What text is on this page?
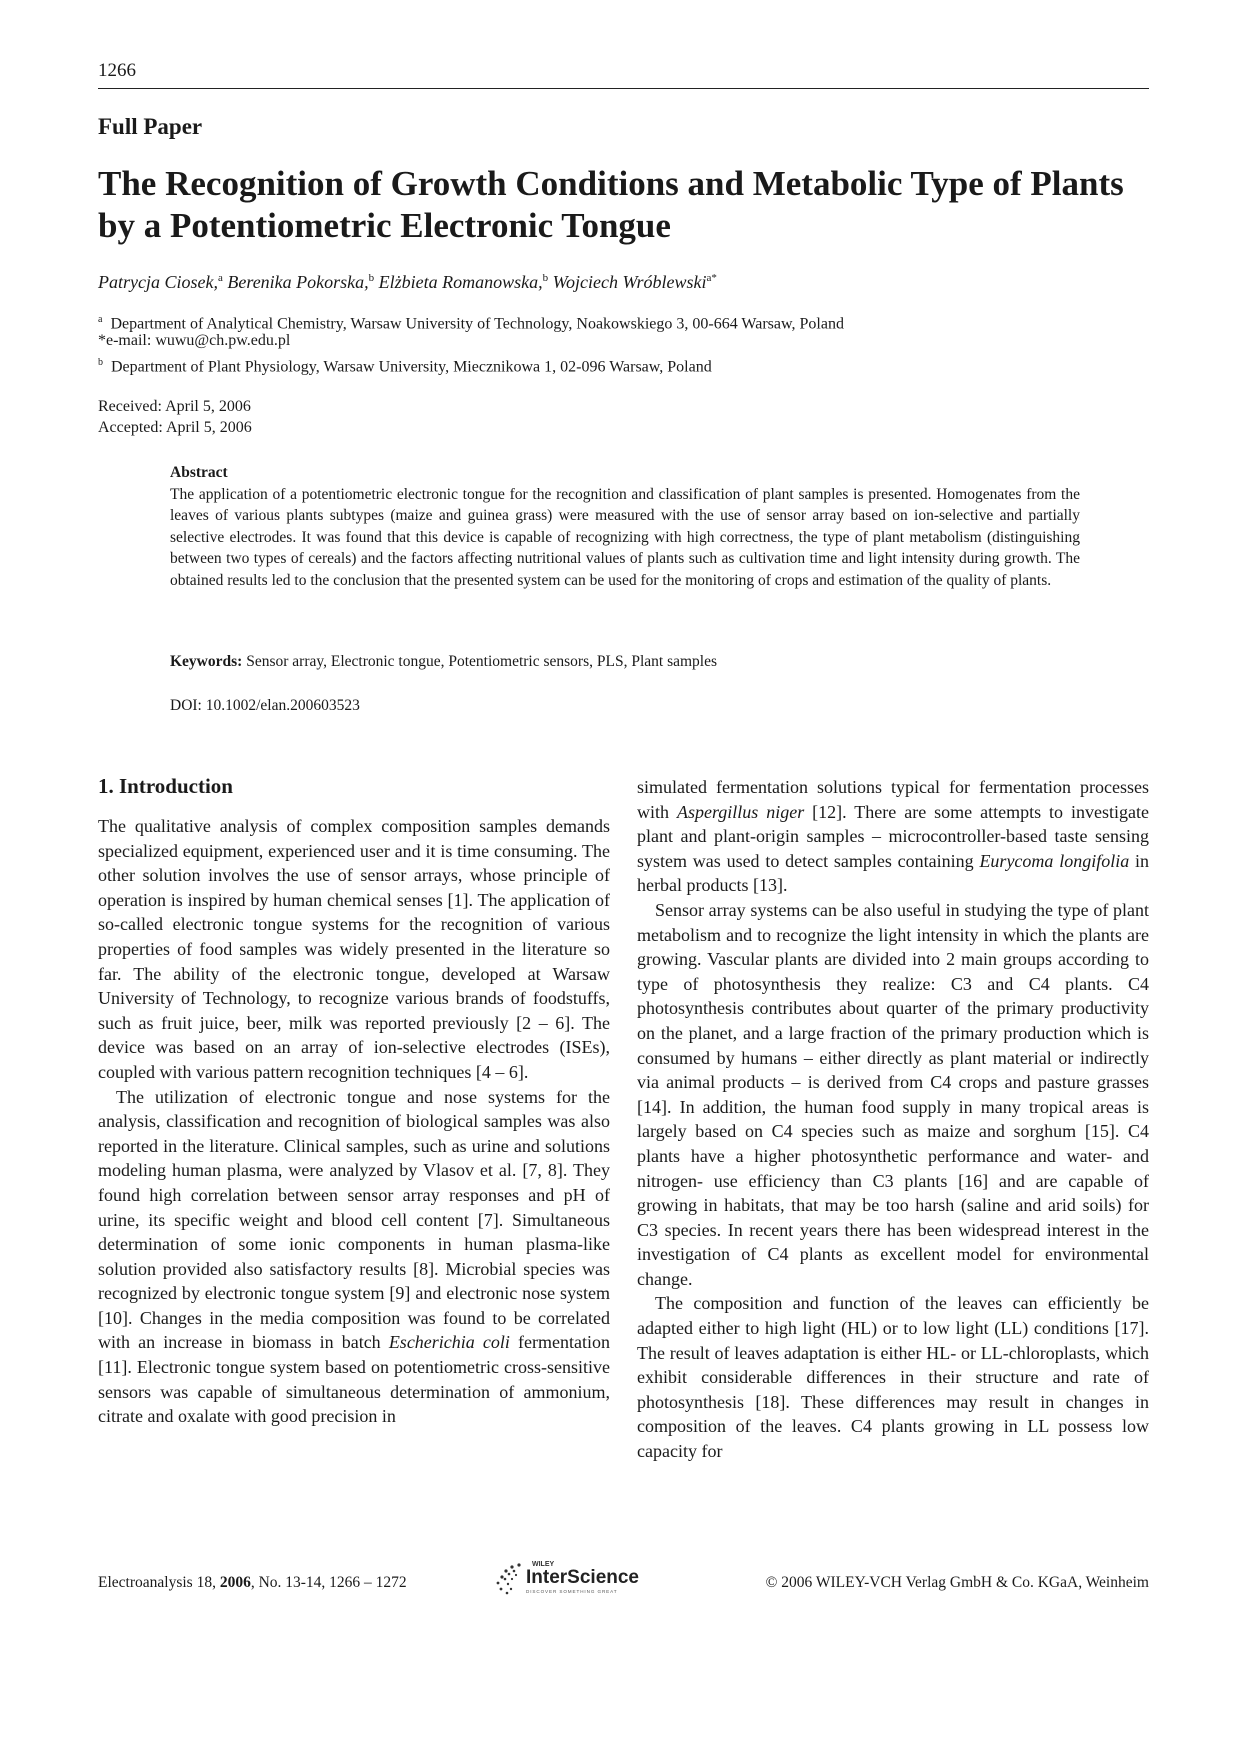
1266
Full Paper
The Recognition of Growth Conditions and Metabolic Type of Plants by a Potentiometric Electronic Tongue
Patrycja Ciosek,$^a$ Berenika Pokorska,$^b$ Elżbieta Romanowska,$^b$ Wojciech Wróblewski$^{a*}$
$^a$ Department of Analytical Chemistry, Warsaw University of Technology, Noakowskiego 3, 00-664 Warsaw, Poland
*e-mail: wuwu@ch.pw.edu.pl
$^b$ Department of Plant Physiology, Warsaw University, Miecznikowa 1, 02-096 Warsaw, Poland
Received: April 5, 2006
Accepted: April 5, 2006
Abstract

The application of a potentiometric electronic tongue for the recognition and classification of plant samples is presented. Homogenates from the leaves of various plants subtypes (maize and guinea grass) were measured with the use of sensor array based on ion-selective and partially selective electrodes. It was found that this device is capable of recognizing with high correctness, the type of plant metabolism (distinguishing between two types of cereals) and the factors affecting nutritional values of plants such as cultivation time and light intensity during growth. The obtained results led to the conclusion that the presented system can be used for the monitoring of crops and estimation of the quality of plants.

Keywords: Sensor array, Electronic tongue, Potentiometric sensors, PLS, Plant samples
DOI: 10.1002/elan.200603523
1. Introduction

The qualitative analysis of complex composition samples demands specialized equipment, experienced user and it is time consuming. The other solution involves the use of sensor arrays, whose principle of operation is inspired by human chemical senses [1]. The application of so-called electronic tongue systems for the recognition of various properties of food samples was widely presented in the literature so far. The ability of the electronic tongue, developed at Warsaw University of Technology, to recognize various brands of foodstuffs, such as fruit juice, beer, milk was reported previously [2 – 6]. The device was based on an array of ion-selective electrodes (ISEs), coupled with various pattern recognition techniques [4 – 6].

The utilization of electronic tongue and nose systems for the analysis, classification and recognition of biological samples was also reported in the literature. Clinical samples, such as urine and solutions modeling human plasma, were analyzed by Vlasov et al. [7, 8]. They found high correlation between sensor array responses and pH of urine, its specific weight and blood cell content [7]. Simultaneous determination of some ionic components in human plasma-like solution provided also satisfactory results [8]. Microbial species was recognized by electronic tongue system [9] and electronic nose system [10]. Changes in the media composition was found to be correlated with an increase in biomass in batch Escherichia coli fermentation [11]. Electronic tongue system based on potentiometric cross-sensitive sensors was capable of simultaneous determination of ammonium, citrate and oxalate with good precision in

simulated fermentation solutions typical for fermentation processes with Aspergillus niger [12]. There are some attempts to investigate plant and plant-origin samples – microcontroller-based taste sensing system was used to detect samples containing Eurycoma longifolia in herbal products [13].

Sensor array systems can be also useful in studying the type of plant metabolism and to recognize the light intensity in which the plants are growing. Vascular plants are divided into 2 main groups according to type of photosynthesis they realize: C3 and C4 plants. C4 photosynthesis contributes about quarter of the primary productivity on the planet, and a large fraction of the primary production which is consumed by humans – either directly as plant material or indirectly via animal products – is derived from C4 crops and pasture grasses [14]. In addition, the human food supply in many tropical areas is largely based on C4 species such as maize and sorghum [15]. C4 plants have a higher photosynthetic performance and water- and nitrogen- use efficiency than C3 plants [16] and are capable of growing in habitats, that may be too harsh (saline and arid soils) for C3 species. In recent years there has been widespread interest in the investigation of C4 plants as excellent model for environmental change.

The composition and function of the leaves can efficiently be adapted either to high light (HL) or to low light (LL) conditions [17]. The result of leaves adaptation is either HL- or LL-chloroplasts, which exhibit considerable differences in their structure and rate of photosynthesis [18]. These differences may result in changes in composition of the leaves. C4 plants growing in LL possess low capacity for

Electroanalysis 18, 2006, No. 13-14, 1266 – 1272
WILEY
InterScience
DISCOVER SOMETHING GREAT
© 2006 WILEY-VCH Verlag GmbH & Co. KGaA, Weinheim
